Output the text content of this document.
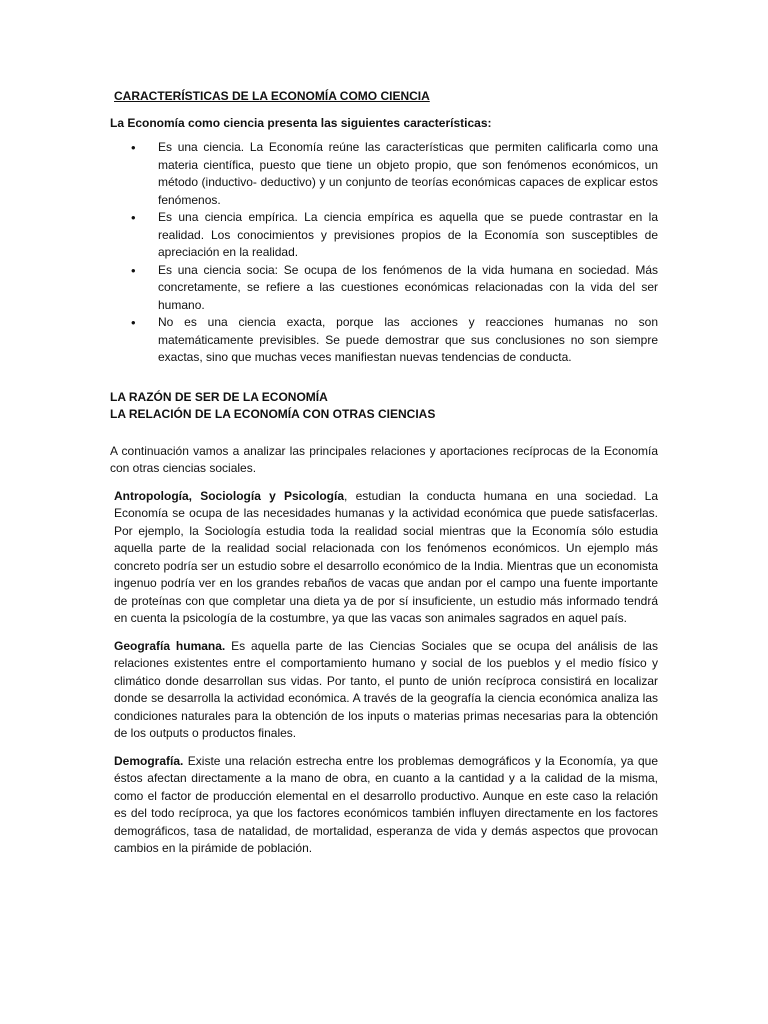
CARACTERÍSTICAS DE LA ECONOMÍA COMO CIENCIA

La Economía como ciencia presenta las siguientes características:

• Es una ciencia. La Economía reúne las características que permiten calificarla como una materia científica, puesto que tiene un objeto propio, que son fenómenos económicos, un método (inductivo- deductivo) y un conjunto de teorías económicas capaces de explicar estos fenómenos.
• Es una ciencia empírica. La ciencia empírica es aquella que se puede contrastar en la realidad. Los conocimientos y previsiones propios de la Economía son susceptibles de apreciación en la realidad.
• Es una ciencia socia: Se ocupa de los fenómenos de la vida humana en sociedad. Más concretamente, se refiere a las cuestiones económicas relacionadas con la vida del ser humano.
• No es una ciencia exacta, porque las acciones y reacciones humanas no son matemáticamente previsibles. Se puede demostrar que sus conclusiones no son siempre exactas, sino que muchas veces manifiestan nuevas tendencias de conducta.

LA RAZÓN DE SER DE LA ECONOMÍA

LA RELACIÓN DE LA ECONOMÍA CON OTRAS CIENCIAS

A continuación vamos a analizar las principales relaciones y aportaciones recíprocas de la Economía con otras ciencias sociales.

Antropología, Sociología y Psicología, estudian la conducta humana en una sociedad. La Economía se ocupa de las necesidades humanas y la actividad económica que puede satisfacerlas. Por ejemplo, la Sociología estudia toda la realidad social mientras que la Economía sólo estudia aquella parte de la realidad social relacionada con los fenómenos económicos. Un ejemplo más concreto podría ser un estudio sobre el desarrollo económico de la India. Mientras que un economista ingenuo podría ver en los grandes rebaños de vacas que andan por el campo una fuente importante de proteínas con que completar una dieta ya de por sí insuficiente, un estudio más informado tendrá en cuenta la psicología de la costumbre, ya que las vacas son animales sagrados en aquel país.

Geografía humana. Es aquella parte de las Ciencias Sociales que se ocupa del análisis de las relaciones existentes entre el comportamiento humano y social de los pueblos y el medio físico y climático donde desarrollan sus vidas. Por tanto, el punto de unión recíproca consistirá en localizar donde se desarrolla la actividad económica. A través de la geografía la ciencia económica analiza las condiciones naturales para la obtención de los inputs o materias primas necesarias para la obtención de los outputs o productos finales.

Demografía. Existe una relación estrecha entre los problemas demográficos y la Economía, ya que éstos afectan directamente a la mano de obra, en cuanto a la cantidad y a la calidad de la misma, como el factor de producción elemental en el desarrollo productivo. Aunque en este caso la relación es del todo recíproca, ya que los factores económicos también influyen directamente en los factores demográficos, tasa de natalidad, de mortalidad, esperanza de vida y demás aspectos que provocan cambios en la pirámide de población.
